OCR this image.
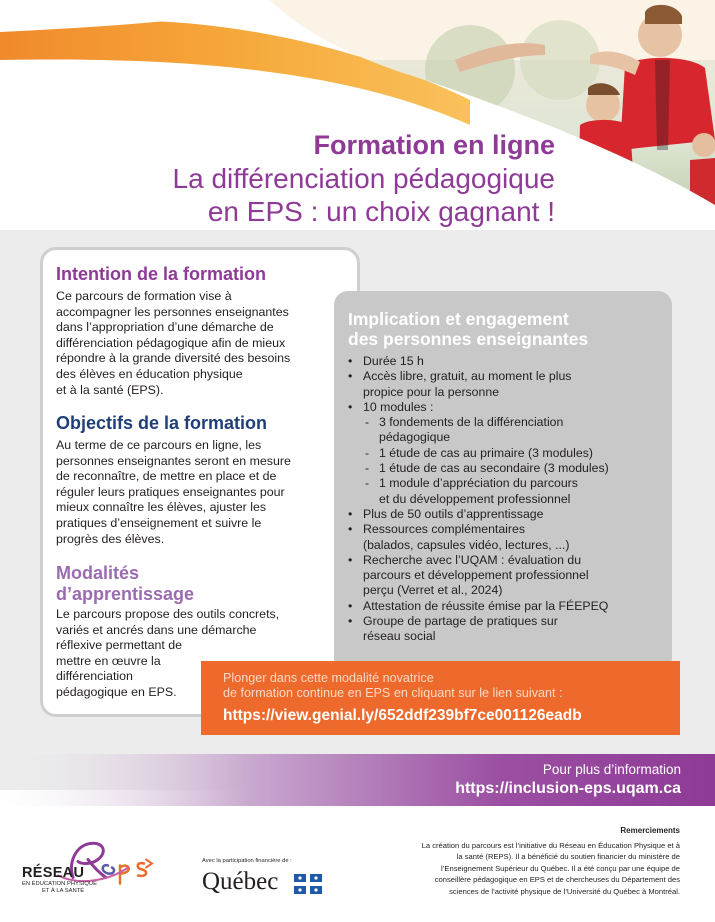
Formation en ligne
La différenciation pédagogique
en EPS : un choix gagnant !
Intention de la formation
Ce parcours de formation vise à
accompagner les personnes enseignantes
dans l’appropriation d’une démarche de
différenciation pédagogique afin de mieux
répondre à la grande diversité des besoins
des élèves en éducation physique
et à la santé (EPS).
Objectifs de la formation
Au terme de ce parcours en ligne, les
personnes enseignantes seront en mesure
de reconnaître, de mettre en place et de
réguler leurs pratiques enseignantes pour
mieux connaître les élèves, ajuster les
pratiques d’enseignement et suivre le
progrès des élèves.
Modalités
d’apprentissage
Le parcours propose des outils concrets,
variés et ancrés dans une démarche
réflexive permettant de
mettre en œuvre la
différenciation
pédagogique en EPS.
Implication et engagement
des personnes enseignantes
• Durée 15 h
• Accès libre, gratuit, au moment le plus
propice pour la personne
• 10 modules :
- 3 fondements de la différenciation
pédagogique
- 1 étude de cas au primaire (3 modules)
- 1 étude de cas au secondaire (3 modules)
- 1 module d’appréciation du parcours
et du développement professionnel
• Plus de 50 outils d’apprentissage
• Ressources complémentaires
(balados, capsules vidéo, lectures, ...)
• Recherche avec l’UQAM : évaluation du
parcours et développement professionnel
perçu (Verret et al., 2024)
• Attestation de réussite émise par la FÉEPEQ
• Groupe de partage de pratiques sur
réseau social
Plonger dans cette modalité novatrice
de formation continue en EPS en cliquant sur le lien suivant :
https://view.genial.ly/652ddf239bf7ce001126eadb
Pour plus d’information
https://inclusion-eps.uqam.ca
RÉSEAU
EN ÉDUCATION PHYSIQUE
ET À LA SANTÉ
Avec la participation financière de :
Québec
Remerciements
La création du parcours est l’initiative du Réseau en Éducation Physique et à
la santé (REPS). Il a bénéficié du soutien financier du ministère de
l’Enseignement Supérieur du Québec. Il a été conçu par une équipe de
conseillère pédagogique en EPS et de chercheuses du Département des
sciences de l’activité physique de l’Université du Québec à Montréal.
